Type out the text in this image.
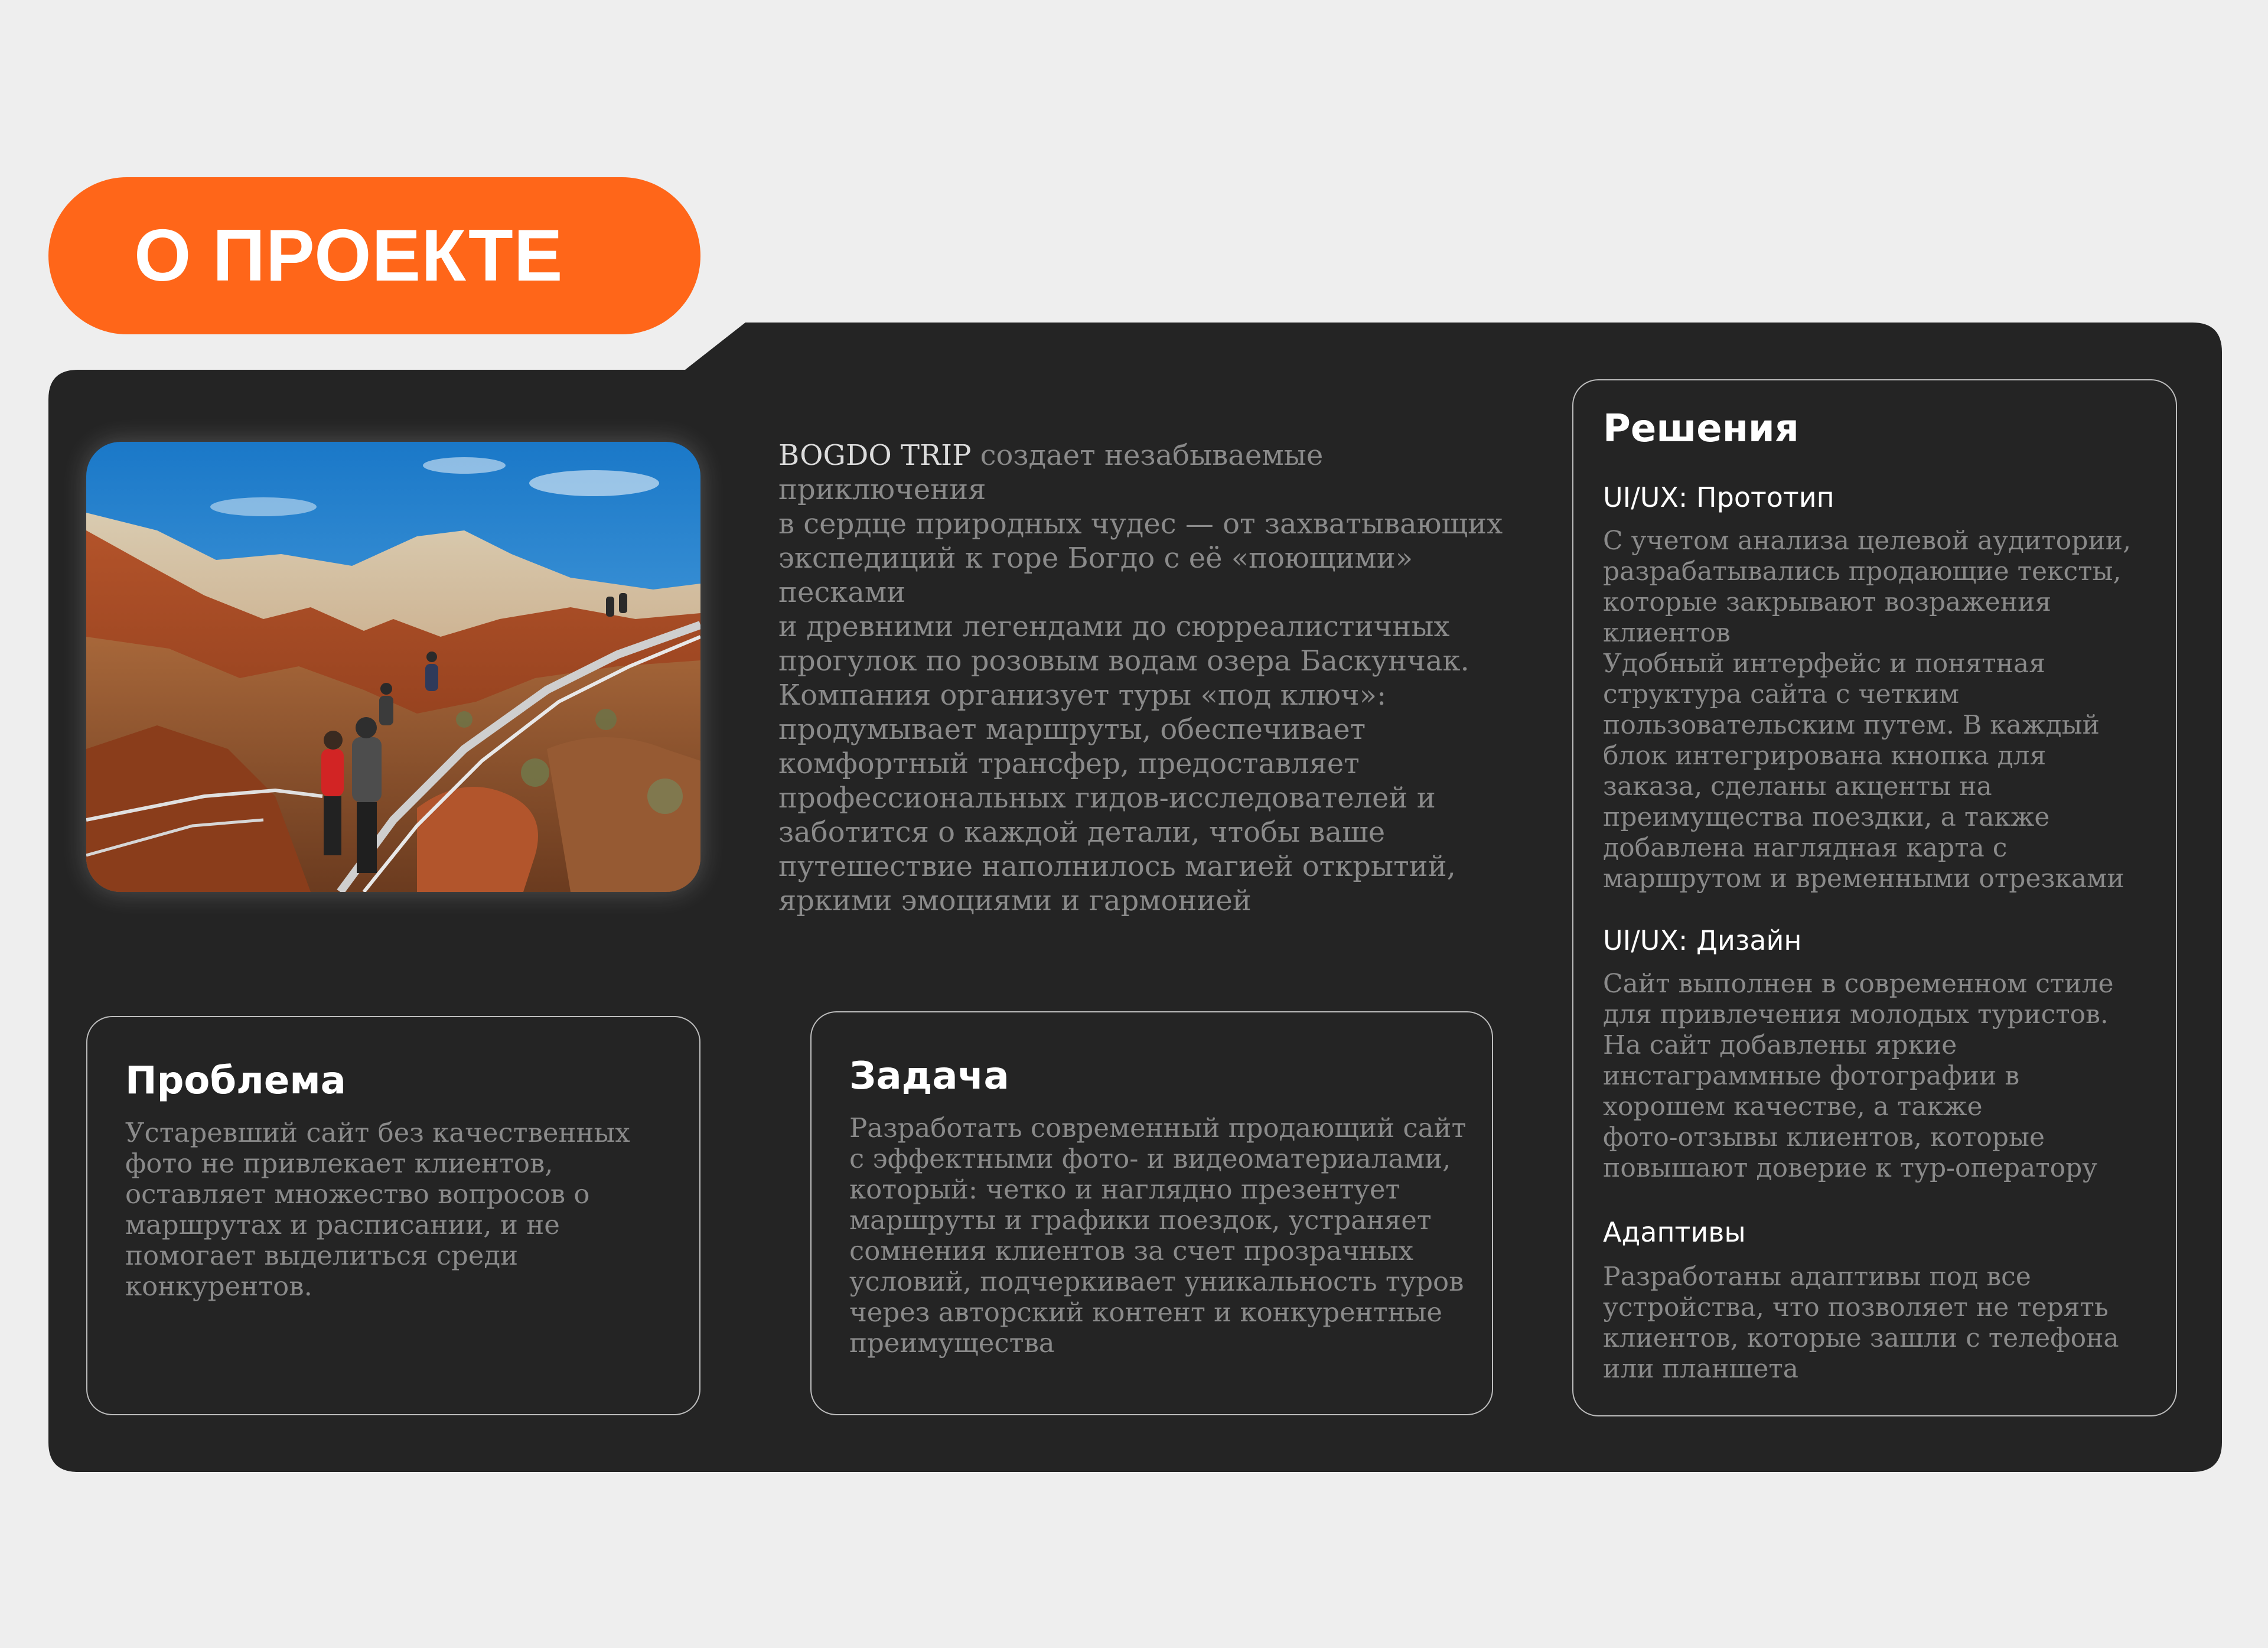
О ПРОЕКТЕ
BOGDO TRIP создает незабываемые приключения
в сердце природных чудес — от захватывающих
экспедиций к горе Богдо с её «поющими» песками
и древними легендами до сюрреалистичных
прогулок по розовым водам озера Баскунчак.
Компания организует туры «под ключ»:
продумывает маршруты, обеспечивает
комфортный трансфер, предоставляет
профессиональных гидов-исследователей и
заботится о каждой детали, чтобы ваше
путешествие наполнилось магией открытий,
яркими эмоциями и гармонией
Проблема
Устаревший сайт без качественных
фото не привлекает клиентов,
оставляет множество вопросов о
маршрутах и расписании, и не
помогает выделиться среди
конкурентов.
Задача
Разработать современный продающий сайт
с эффектными фото- и видеоматериалами,
который: четко и наглядно презентует
маршруты и графики поездок, устраняет
сомнения клиентов за счет прозрачных
условий, подчеркивает уникальность туров
через авторский контент и конкурентные
преимущества
Решения
UI/UX: Прототип
С учетом анализа целевой аудитории,
разрабатывались продающие тексты,
которые закрывают возражения
клиентов
Удобный интерфейс и понятная
структура сайта с четким
пользовательским путем. В каждый
блок интегрирована кнопка для
заказа, сделаны акценты на
преимущества поездки, а также
добавлена наглядная карта с
маршрутом и временными отрезками
UI/UX: Дизайн
Сайт выполнен в современном стиле
для привлечения молодых туристов.
На сайт добавлены яркие
инстаграммные фотографии в
хорошем качестве, а также
фото-отзывы клиентов, которые
повышают доверие к тур-оператору
Адаптивы
Разработаны адаптивы под все
устройства, что позволяет не терять
клиентов, которые зашли с телефона
или планшета
